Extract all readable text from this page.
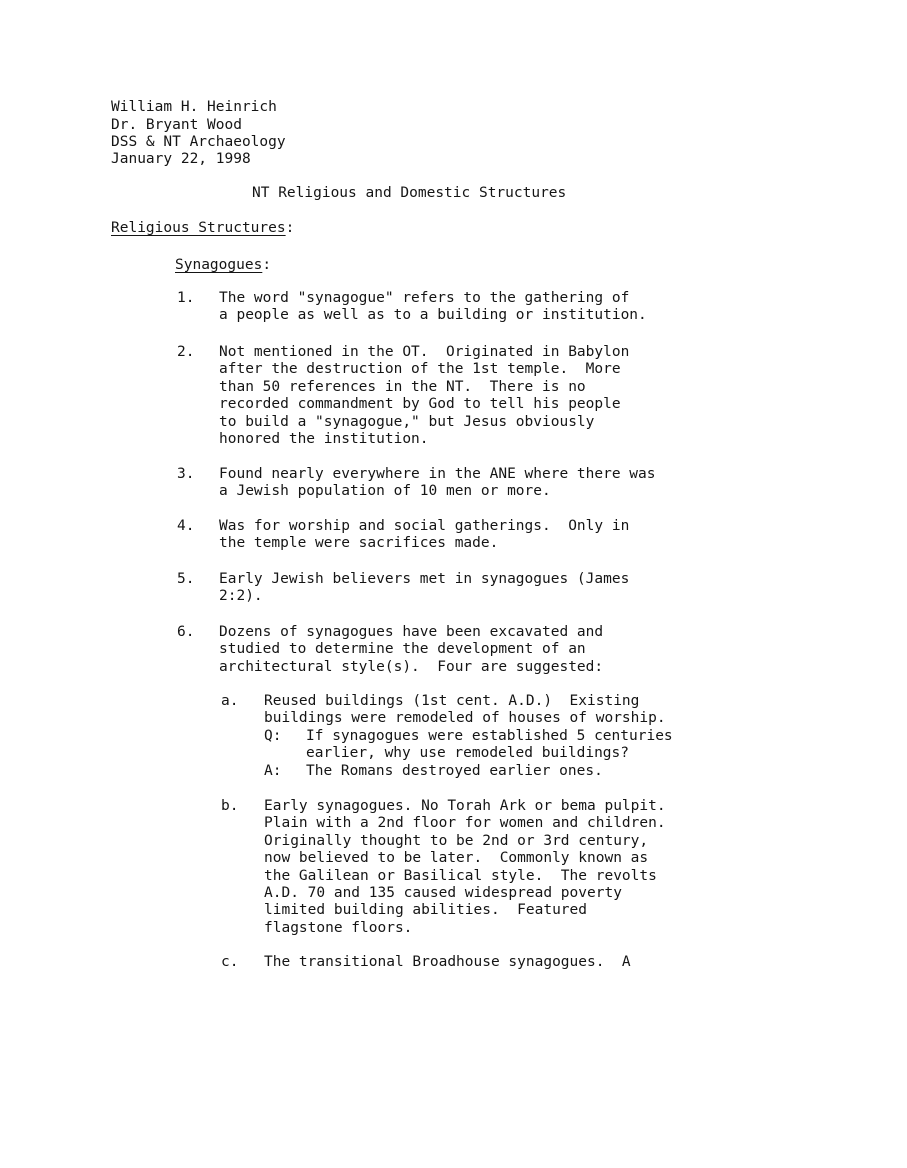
William H. Heinrich
Dr. Bryant Wood
DSS & NT Archaeology
January 22, 1998
NT Religious and Domestic Structures
Religious Structures:
Synagogues:
1. The word "synagogue" refers to the gathering of
a people as well as to a building or institution.
2. Not mentioned in the OT.  Originated in Babylon
after the destruction of the 1st temple.  More
than 50 references in the NT.  There is no
recorded commandment by God to tell his people
to build a "synagogue," but Jesus obviously
honored the institution.
3. Found nearly everywhere in the ANE where there was
a Jewish population of 10 men or more.
4. Was for worship and social gatherings.  Only in
the temple were sacrifices made.
5. Early Jewish believers met in synagogues (James
2:2).
6. Dozens of synagogues have been excavated and
studied to determine the development of an
architectural style(s).  Four are suggested:
a. Reused buildings (1st cent. A.D.)  Existing
buildings were remodeled of houses of worship.
Q: If synagogues were established 5 centuries
earlier, why use remodeled buildings?
A: The Romans destroyed earlier ones.
b. Early synagogues. No Torah Ark or bema pulpit.
Plain with a 2nd floor for women and children.
Originally thought to be 2nd or 3rd century,
now believed to be later.  Commonly known as
the Galilean or Basilical style.  The revolts
A.D. 70 and 135 caused widespread poverty
limited building abilities.  Featured
flagstone floors.
c. The transitional Broadhouse synagogues.  A
